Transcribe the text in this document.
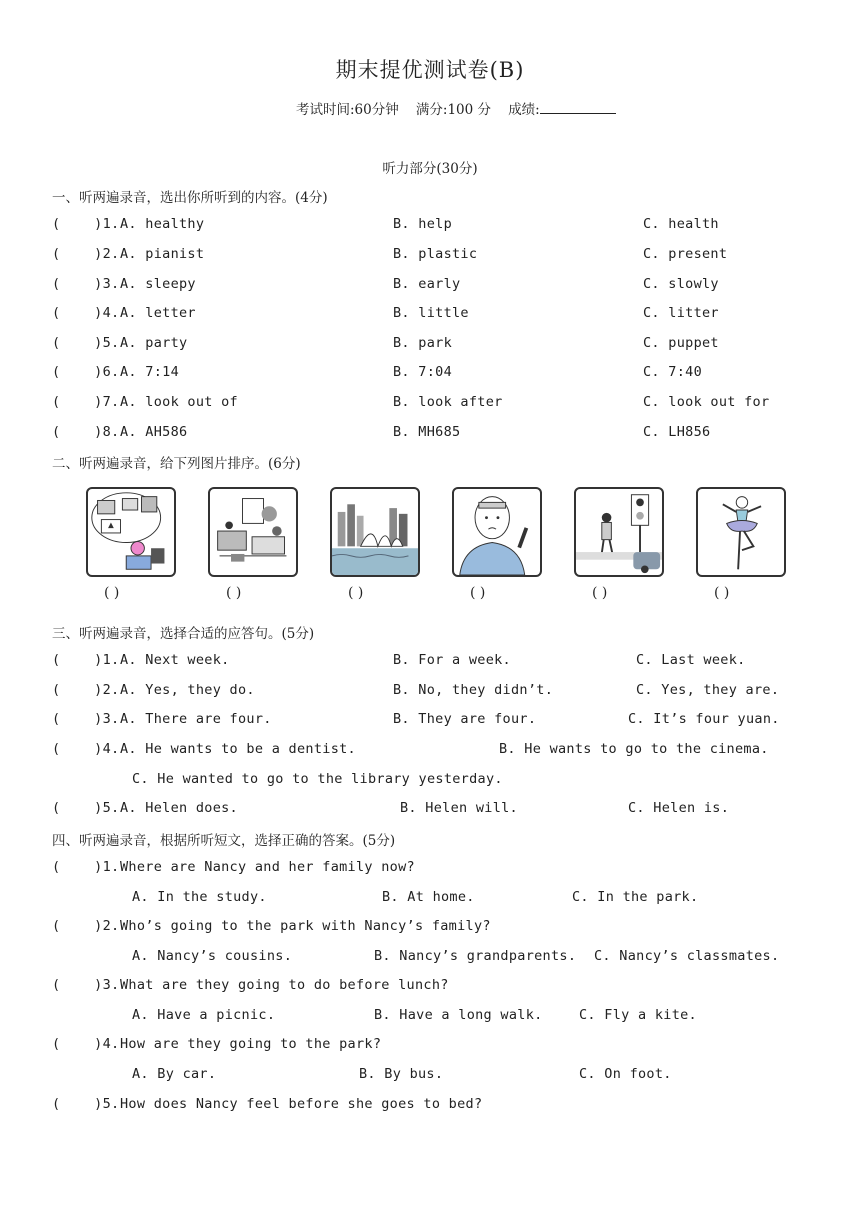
期末提优测试卷(B)
考试时间:60分钟 满分:100 分 成绩:
听力部分(30分)
一、听两遍录音，选出你所听到的内容。(4分)
(    )1. A. healthy	B. help	C. health
(    )2. A. pianist	B. plastic	C. present
(    )3. A. sleepy	B. early	C. slowly
(    )4. A. letter	B. little	C. litter
(    )5. A. party	B. park	C. puppet
(    )6. A. 7:14	B. 7:04	C. 7:40
(    )7. A. look out of	B. look after	C. look out for
(    )8. A. AH586	B. MH685	C. LH856
二、听两遍录音，给下列图片排序。(6分)
( )	( )	( )	( )	( )	( )
三、听两遍录音，选择合适的应答句。(5分)
(    )1. A. Next week.	B. For a week.	C. Last week.
(    )2. A. Yes, they do.	B. No, they didn’t.	C. Yes, they are.
(    )3. A. There are four.	B. They are four.	C. It’s four yuan.
(    )4. A. He wants to be a dentist.	B. He wants to go to the cinema.
C. He wanted to go to the library yesterday.
(    )5. A. Helen does.	B. Helen will.	C. Helen is.
四、听两遍录音，根据所听短文，选择正确的答案。(5分)
(    )1. Where are Nancy and her family now?
A. In the study.	B. At home.	C. In the park.
(    )2. Who’s going to the park with Nancy’s family?
A. Nancy’s cousins.	B. Nancy’s grandparents. C. Nancy’s classmates.
(    )3. What are they going to do before lunch?
A. Have a picnic.	B. Have a long walk.	C. Fly a kite.
(    )4. How are they going to the park?
A. By car.	B. By bus.	C. On foot.
(    )5. How does Nancy feel before she goes to bed?
